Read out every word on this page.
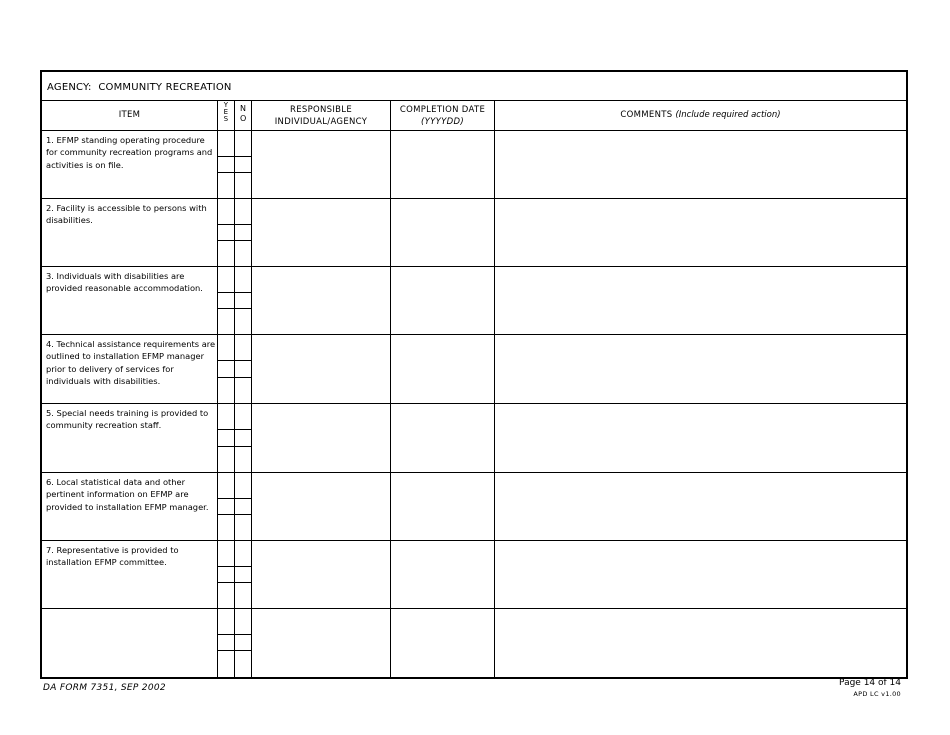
AGENCY: COMMUNITY RECREATION
ITEM
Y E S
N O
RESPONSIBLE
INDIVIDUAL/AGENCY
COMPLETION DATE
(YYYYDD)
COMMENTS (Include required action)
1. EFMP standing operating procedure for community recreation programs and activities is on file.
2. Facility is accessible to persons with disabilities.
3. Individuals with disabilities are provided reasonable accommodation.
4. Technical assistance requirements are outlined to installation EFMP manager prior to delivery of services for individuals with disabilities.
5. Special needs training is provided to community recreation staff.
6. Local statistical data and other pertinent information on EFMP are provided to installation EFMP manager.
7. Representative is provided to installation EFMP committee.
DA FORM 7351, SEP 2002	Page 14 of 14
APD LC v1.00
